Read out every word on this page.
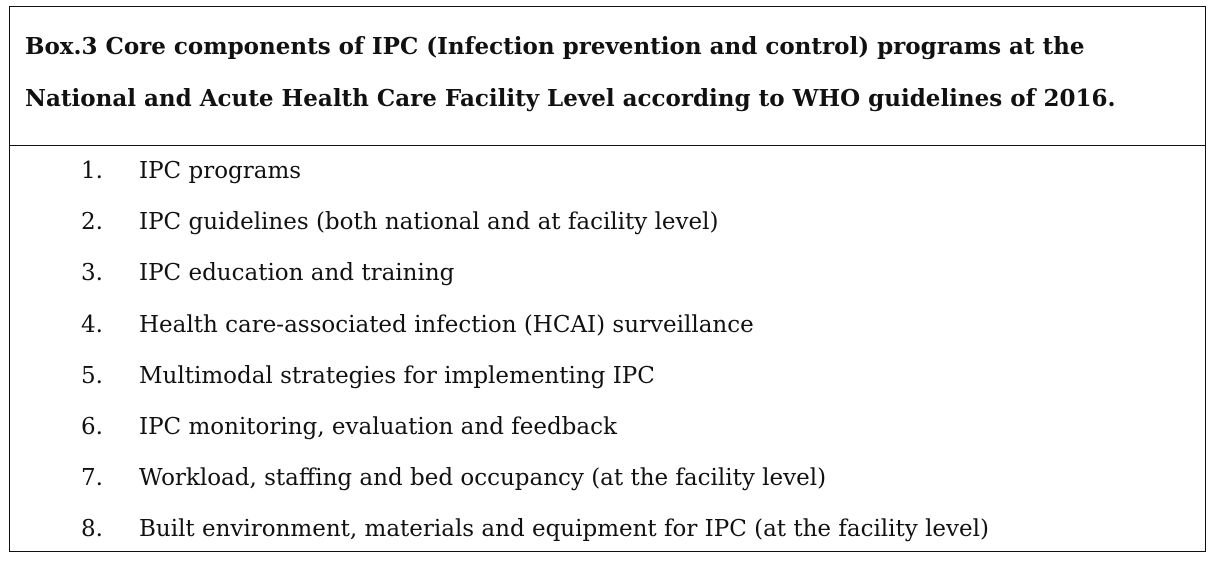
Box.3 Core components of IPC (Infection prevention and control) programs at the National and Acute Health Care Facility Level according to WHO guidelines of 2016.

1. IPC programs
2. IPC guidelines (both national and at facility level)
3. IPC education and training
4. Health care-associated infection (HCAI) surveillance
5. Multimodal strategies for implementing IPC
6. IPC monitoring, evaluation and feedback
7. Workload, staffing and bed occupancy (at the facility level)
8. Built environment, materials and equipment for IPC (at the facility level)
